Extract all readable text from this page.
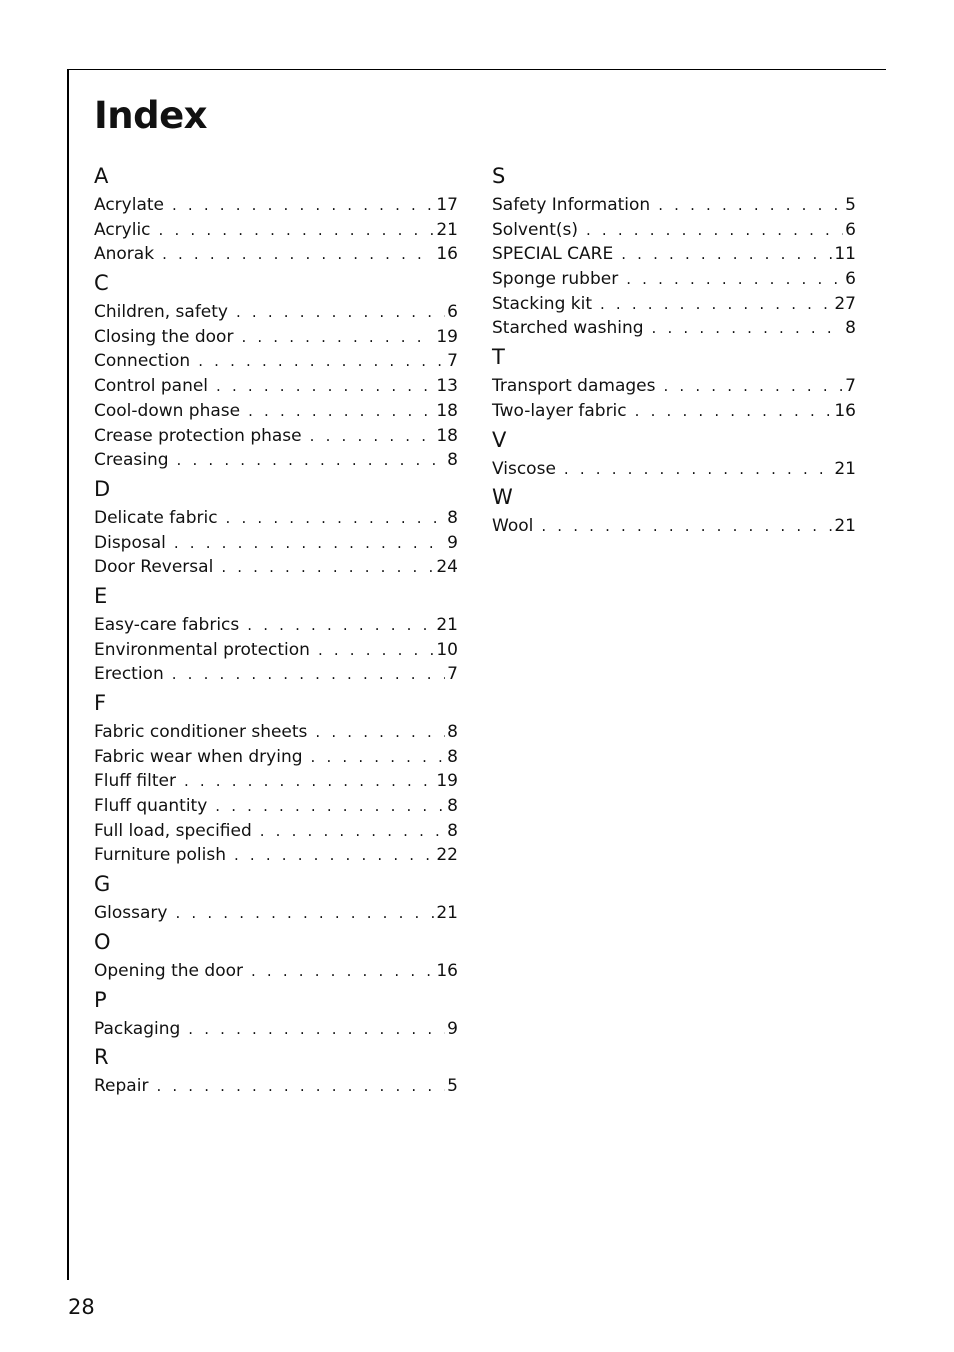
Index
A
Acrylate . . .	17
Acrylic . . .	21
Anorak . . .	16
C
Children, safety . . .	6
Closing the door . . .	19
Connection . . .	7
Control panel . . .	13
Cool-down phase . . .	18
Crease protection phase . . .	18
Creasing . . .	8
D
Delicate fabric . . .	8
Disposal . . .	9
Door Reversal . . .	24
E
Easy-care fabrics . . .	21
Environmental protection . . .	10
Erection . . .	7
F
Fabric conditioner sheets . . .	8
Fabric wear when drying . . .	8
Fluff filter . . .	19
Fluff quantity . . .	8
Full load, specified . . .	8
Furniture polish . . .	22
G
Glossary . . .	21
O
Opening the door . . .	16
P
Packaging . . .	9
R
Repair . . .	5
S
Safety Information . . .	5
Solvent(s) . . .	6
SPECIAL CARE . . .	11
Sponge rubber . . .	6
Stacking kit . . .	27
Starched washing . . .	8
T
Transport damages . . .	7
Two-layer fabric . . .	16
V
Viscose . . .	21
W
Wool . . .	21
28
